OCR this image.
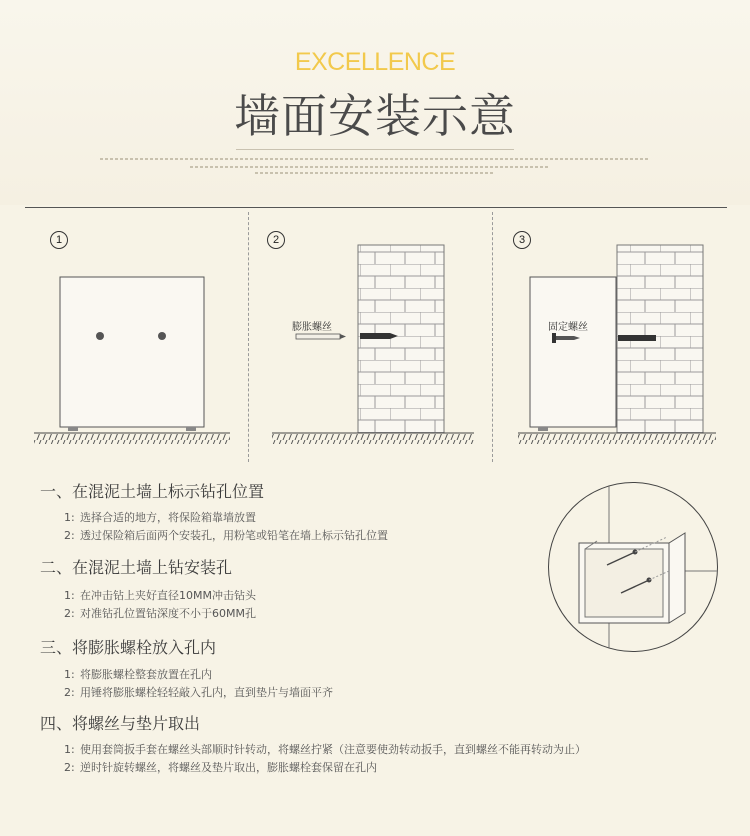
EXCELLENCE
墙面安装示意
1	2	3
膨胀螺丝	固定螺丝
一、在混泥土墙上标示钻孔位置
1: 选择合适的地方，将保险箱靠墙放置
2: 透过保险箱后面两个安装孔，用粉笔或铅笔在墙上标示钻孔位置
二、在混泥土墙上钻安装孔
1: 在冲击钻上夹好直径10MM冲击钻头
2: 对准钻孔位置钻深度不小于60MM孔
三、将膨胀螺栓放入孔内
1: 将膨胀螺栓整套放置在孔内
2: 用锤将膨胀螺栓轻轻敲入孔内，直到垫片与墙面平齐
四、将螺丝与垫片取出
1: 使用套筒扳手套在螺丝头部顺时针转动，将螺丝拧紧（注意要使劲转动扳手，直到螺丝不能再转动为止）
2: 逆时针旋转螺丝，将螺丝及垫片取出，膨胀螺栓套保留在孔内
